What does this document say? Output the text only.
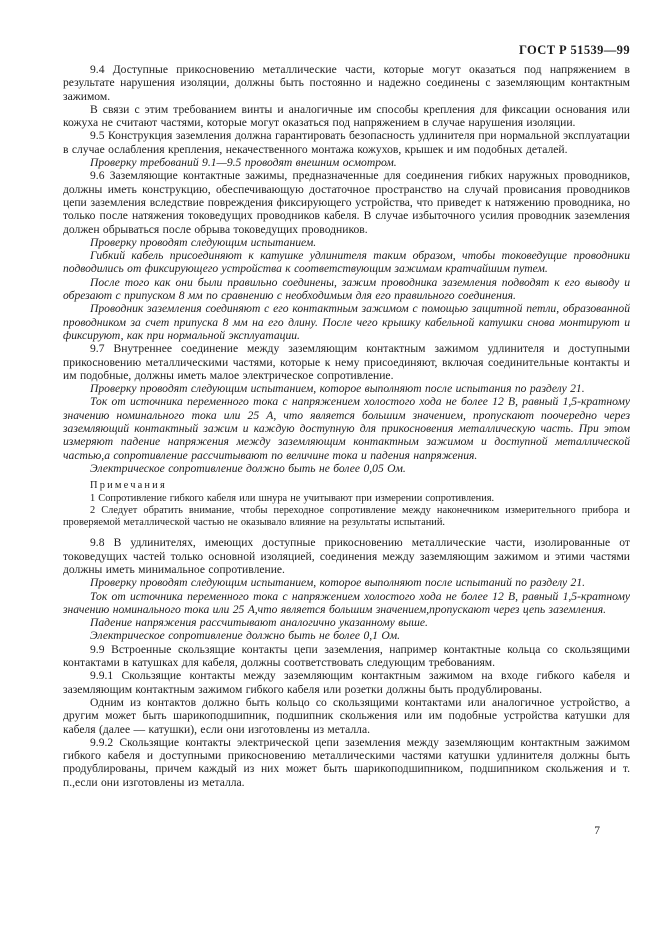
ГОСТ Р 51539—99

9.4 Доступные прикосновению металлические части, которые могут оказаться под напряжением в результате нарушения изоляции, должны быть постоянно и надежно соединены с заземляющим контактным зажимом.

В связи с этим требованием винты и аналогичные им способы крепления для фиксации основания или кожуха не считают частями, которые могут оказаться под напряжением в случае нарушения изоляции.

9.5 Конструкция заземления должна гарантировать безопасность удлинителя при нормальной эксплуатации в случае ослабления крепления, некачественного монтажа кожухов, крышек и им подобных деталей.

Проверку требований 9.1—9.5 проводят внешним осмотром.

9.6 Заземляющие контактные зажимы, предназначенные для соединения гибких наружных проводников, должны иметь конструкцию, обеспечивающую достаточное пространство на случай провисания проводников цепи заземления вследствие повреждения фиксирующего устройства, что приведет к натяжению проводника, но только после натяжения токоведущих проводников кабеля. В случае избыточного усилия проводник заземления должен обрываться после обрыва токоведущих проводников.

Проверку проводят следующим испытанием.

Гибкий кабель присоединяют к катушке удлинителя таким образом, чтобы токоведущие проводники подводились от фиксирующего устройства к соответствующим зажимам кратчайшим путем.

После того как они были правильно соединены, зажим проводника заземления подводят к его выводу и обрезают с припуском 8 мм по сравнению с необходимым для его правильного соединения.

Проводник заземления соединяют с его контактным зажимом с помощью защитной петли, образованной проводником за счет припуска 8 мм на его длину. После чего крышку кабельной катушки снова монтируют и фиксируют, как при нормальной эксплуатации.

9.7 Внутреннее соединение между заземляющим контактным зажимом удлинителя и доступными прикосновению металлическими частями, которые к нему присоединяют, включая соединительные контакты и им подобные, должны иметь малое электрическое сопротивление.

Проверку проводят следующим испытанием, которое выполняют после испытания по разделу 21.

Ток от источника переменного тока с напряжением холостого хода не более 12 В, равный 1,5-кратному значению номинального тока или 25 А, что является большим значением, пропускают поочередно через заземляющий контактный зажим и каждую доступную для прикосновения металлическую часть. При этом измеряют падение напряжения между заземляющим контактным зажимом и доступной металлической частью,а сопротивление рассчитывают по величине тока и падения напряжения.

Электрическое сопротивление должно быть не более 0,05 Ом.

Примечания

1 Сопротивление гибкого кабеля или шнура не учитывают при измерении сопротивления.

2 Следует обратить внимание, чтобы переходное сопротивление между наконечником измерительного прибора и проверяемой металлической частью не оказывало влияние на результаты испытаний.

9.8 В удлинителях, имеющих доступные прикосновению металлические части, изолированные от токоведущих частей только основной изоляцией, соединения между заземляющим зажимом и этими частями должны иметь минимальное сопротивление.

Проверку проводят следующим испытанием, которое выполняют после испытаний по разделу 21.

Ток от источника переменного тока с напряжением холостого хода не более 12 В, равный 1,5-кратному значению номинального тока или 25 А,что является большим значением,пропускают через цепь заземления.

Падение напряжения рассчитывают аналогично указанному выше.

Электрическое сопротивление должно быть не более 0,1 Ом.

9.9 Встроенные скользящие контакты цепи заземления, например контактные кольца со скользящими контактами в катушках для кабеля, должны соответствовать следующим требованиям.

9.9.1 Скользящие контакты между заземляющим контактным зажимом на входе гибкого кабеля и заземляющим контактным зажимом гибкого кабеля или розетки должны быть продублированы.

Одним из контактов должно быть кольцо со скользящими контактами или аналогичное устройство, а другим может быть шарикоподшипник, подшипник скольжения или им подобные устройства катушки для кабеля (далее — катушки), если они изготовлены из металла.

9.9.2 Скользящие контакты электрической цепи заземления между заземляющим контактным зажимом гибкого кабеля и доступными прикосновению металлическими частями катушки удлинителя должны быть продублированы, причем каждый из них может быть шарикоподшипником, подшипником скольжения и т. п.,если они изготовлены из металла.

7
